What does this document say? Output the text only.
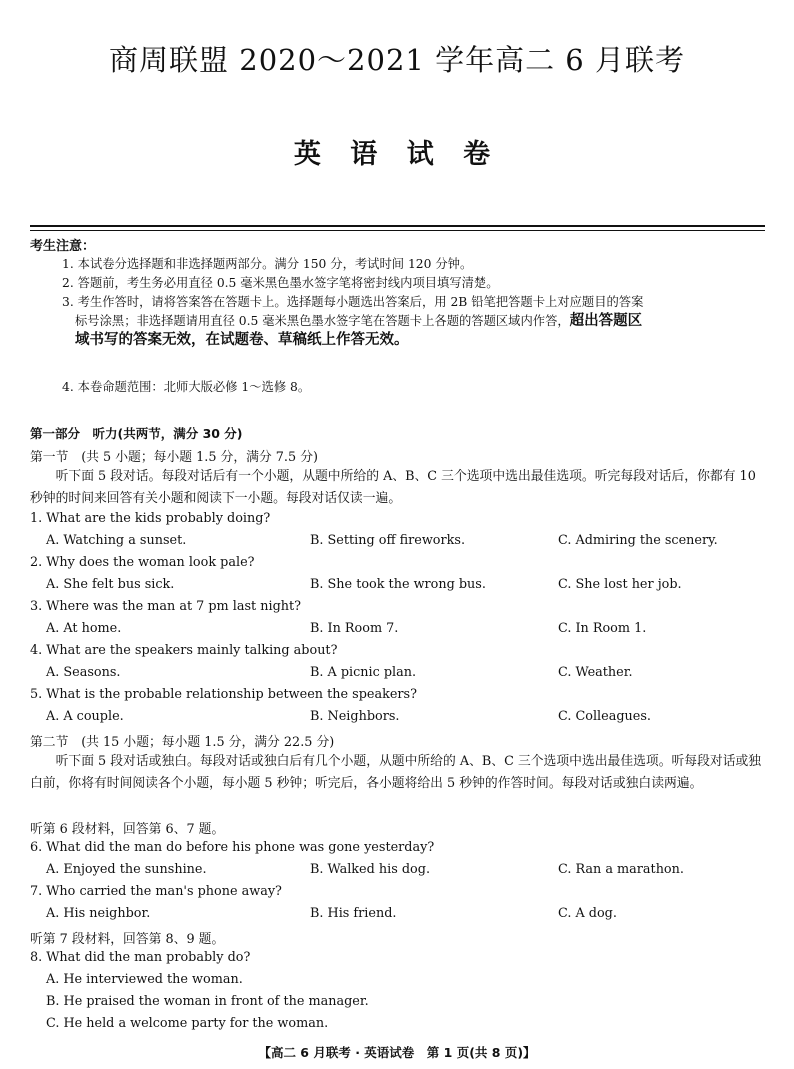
商周联盟 2020～2021 学年高二 6 月联考
英 语 试 卷
考生注意：
1. 本试卷分选择题和非选择题两部分。满分 150 分，考试时间 120 分钟。
2. 答题前，考生务必用直径 0.5 毫米黑色墨水签字笔将密封线内项目填写清楚。
3. 考生作答时，请将答案答在答题卡上。选择题每小题选出答案后，用 2B 铅笔把答题卡上对应题目的答案标号涂黑；非选择题请用直径 0.5 毫米黑色墨水签字笔在答题卡上各题的答题区域内作答，超出答题区域书写的答案无效，在试题卷、草稿纸上作答无效。
4. 本卷命题范围：北师大版必修 1～选修 8。
第一部分　听力(共两节，满分 30 分)
第一节　(共 5 小题；每小题 1.5 分，满分 7.5 分)
听下面 5 段对话。每段对话后有一个小题，从题中所给的 A、B、C 三个选项中选出最佳选项。听完每段对话后，你都有 10 秒钟的时间来回答有关小题和阅读下一小题。每段对话仅读一遍。
1. What are the kids probably doing?
A. Watching a sunset.	B. Setting off fireworks.	C. Admiring the scenery.
2. Why does the woman look pale?
A. She felt bus sick.	B. She took the wrong bus.	C. She lost her job.
3. Where was the man at 7 pm last night?
A. At home.	B. In Room 7.	C. In Room 1.
4. What are the speakers mainly talking about?
A. Seasons.	B. A picnic plan.	C. Weather.
5. What is the probable relationship between the speakers?
A. A couple.	B. Neighbors.	C. Colleagues.
第二节　(共 15 小题；每小题 1.5 分，满分 22.5 分)
听下面 5 段对话或独白。每段对话或独白后有几个小题，从题中所给的 A、B、C 三个选项中选出最佳选项。听每段对话或独白前，你将有时间阅读各个小题，每小题 5 秒钟；听完后，各小题将给出 5 秒钟的作答时间。每段对话或独白读两遍。
听第 6 段材料，回答第 6、7 题。
6. What did the man do before his phone was gone yesterday?
A. Enjoyed the sunshine.	B. Walked his dog.	C. Ran a marathon.
7. Who carried the man's phone away?
A. His neighbor.	B. His friend.	C. A dog.
听第 7 段材料，回答第 8、9 题。
8. What did the man probably do?
A. He interviewed the woman.
B. He praised the woman in front of the manager.
C. He held a welcome party for the woman.
【高二 6 月联考 · 英语试卷　第 1 页(共 8 页)】
